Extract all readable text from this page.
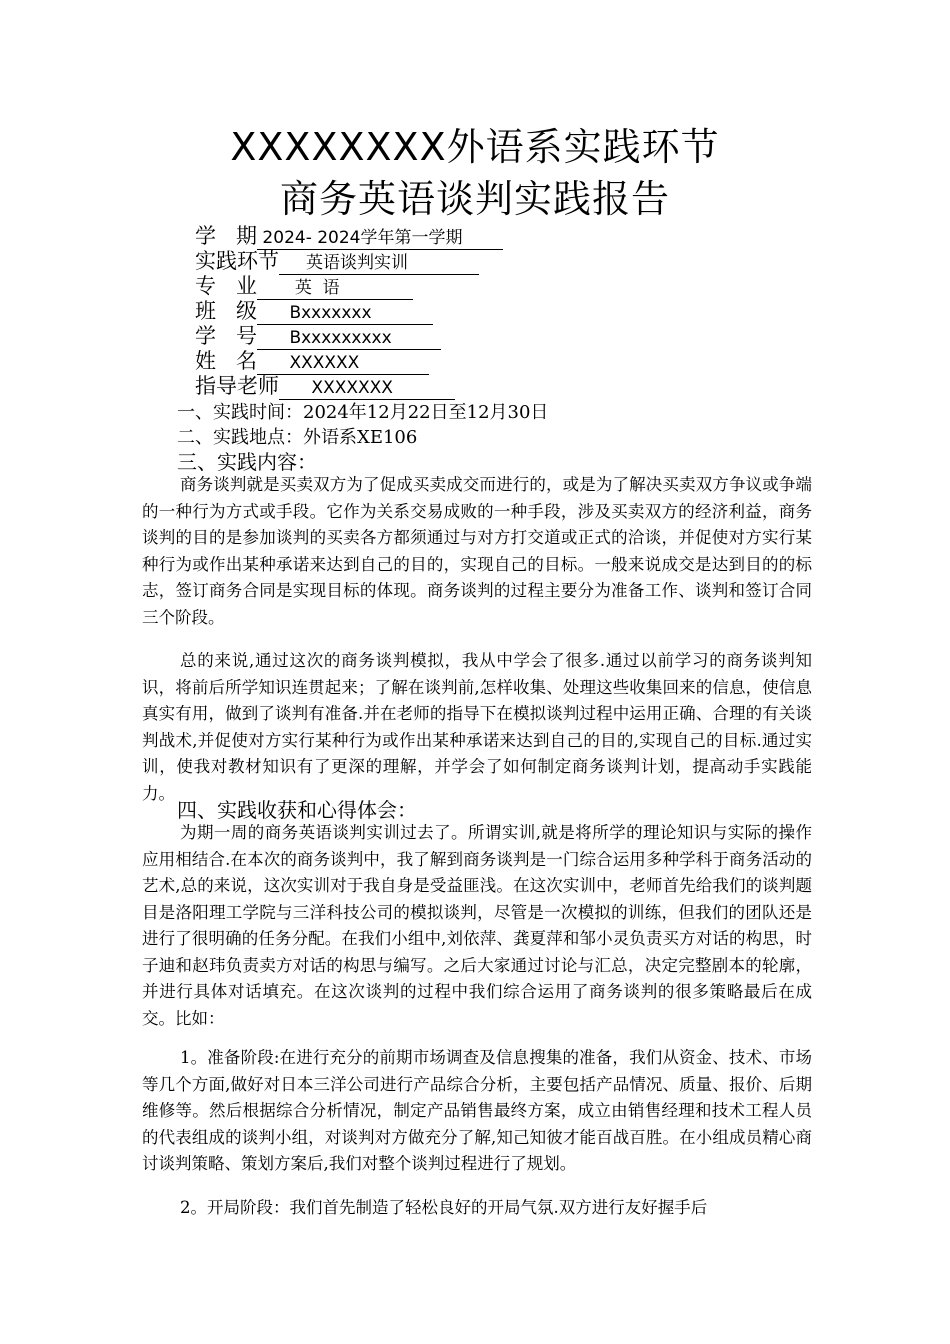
XXXXXXXX外语系实践环节
商务英语谈判实践报告
学   期 2024- 2024学年第一学期
实践环节     英语谈判实训
专   业       英  语
班   级      Bxxxxxxx
学   号      Bxxxxxxxxx
姓   名      XXXXXX
指导老师      XXXXXXX
一、实践时间：2024年12月22日至12月30日
二、实践地点：外语系XE106
三、实践内容：
商务谈判就是买卖双方为了促成买卖成交而进行的，或是为了解决买卖双方争议或争端的一种行为方式或手段。它作为关系交易成败的一种手段，涉及买卖双方的经济利益，商务谈判的目的是参加谈判的买卖各方都须通过与对方打交道或正式的洽谈，并促使对方实行某种行为或作出某种承诺来达到自己的目的，实现自己的目标。一般来说成交是达到目的的标志，签订商务合同是实现目标的体现。商务谈判的过程主要分为准备工作、谈判和签订合同三个阶段。
总的来说,通过这次的商务谈判模拟，我从中学会了很多.通过以前学习的商务谈判知识，将前后所学知识连贯起来；了解在谈判前,怎样收集、处理这些收集回来的信息，使信息真实有用，做到了谈判有准备.并在老师的指导下在模拟谈判过程中运用正确、合理的有关谈判战术,并促使对方实行某种行为或作出某种承诺来达到自己的目的,实现自己的目标.通过实训，使我对教材知识有了更深的理解，并学会了如何制定商务谈判计划，提高动手实践能力。
四、实践收获和心得体会：
为期一周的商务英语谈判实训过去了。所谓实训,就是将所学的理论知识与实际的操作应用相结合.在本次的商务谈判中，我了解到商务谈判是一门综合运用多种学科于商务活动的艺术,总的来说，这次实训对于我自身是受益匪浅。在这次实训中，老师首先给我们的谈判题目是洛阳理工学院与三洋科技公司的模拟谈判，尽管是一次模拟的训练，但我们的团队还是进行了很明确的任务分配。在我们小组中,刘依萍、龚夏萍和邹小灵负责买方对话的构思，时子迪和赵玮负责卖方对话的构思与编写。之后大家通过讨论与汇总，决定完整剧本的轮廓，并进行具体对话填充。在这次谈判的过程中我们综合运用了商务谈判的很多策略最后在成交。比如：
1。准备阶段:在进行充分的前期市场调查及信息搜集的准备，我们从资金、技术、市场等几个方面,做好对日本三洋公司进行产品综合分析，主要包括产品情况、质量、报价、后期维修等。然后根据综合分析情况，制定产品销售最终方案，成立由销售经理和技术工程人员的代表组成的谈判小组，对谈判对方做充分了解,知己知彼才能百战百胜。在小组成员精心商讨谈判策略、策划方案后,我们对整个谈判过程进行了规划。
2。开局阶段：我们首先制造了轻松良好的开局气氛.双方进行友好握手后
